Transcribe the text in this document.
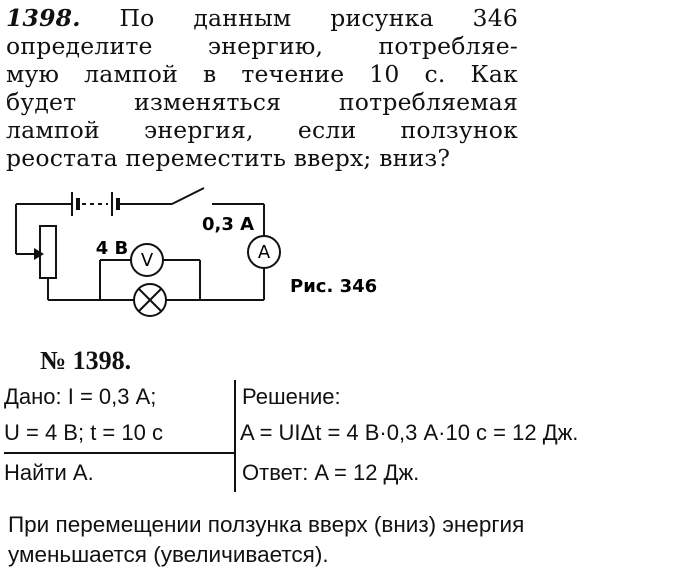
1398. По данным рисунка 346
определите энергию, потребляе-
мую лампой в течение 10 с. Как
будет изменяться потребляемая
лампой энергия, если ползунок
реостата переместить вверх; вниз?
V	A
0,3 А
4 В
Рис. 346
№ 1398.
Дано: I = 0,3 А;
U = 4 В; t = 10 с
Найти A.
Решение:
A = UIΔt = 4 В·0,3 А·10 с = 12 Дж.
Ответ: A = 12 Дж.
При перемещении ползунка вверх (вниз) энергия
уменьшается (увеличивается).
